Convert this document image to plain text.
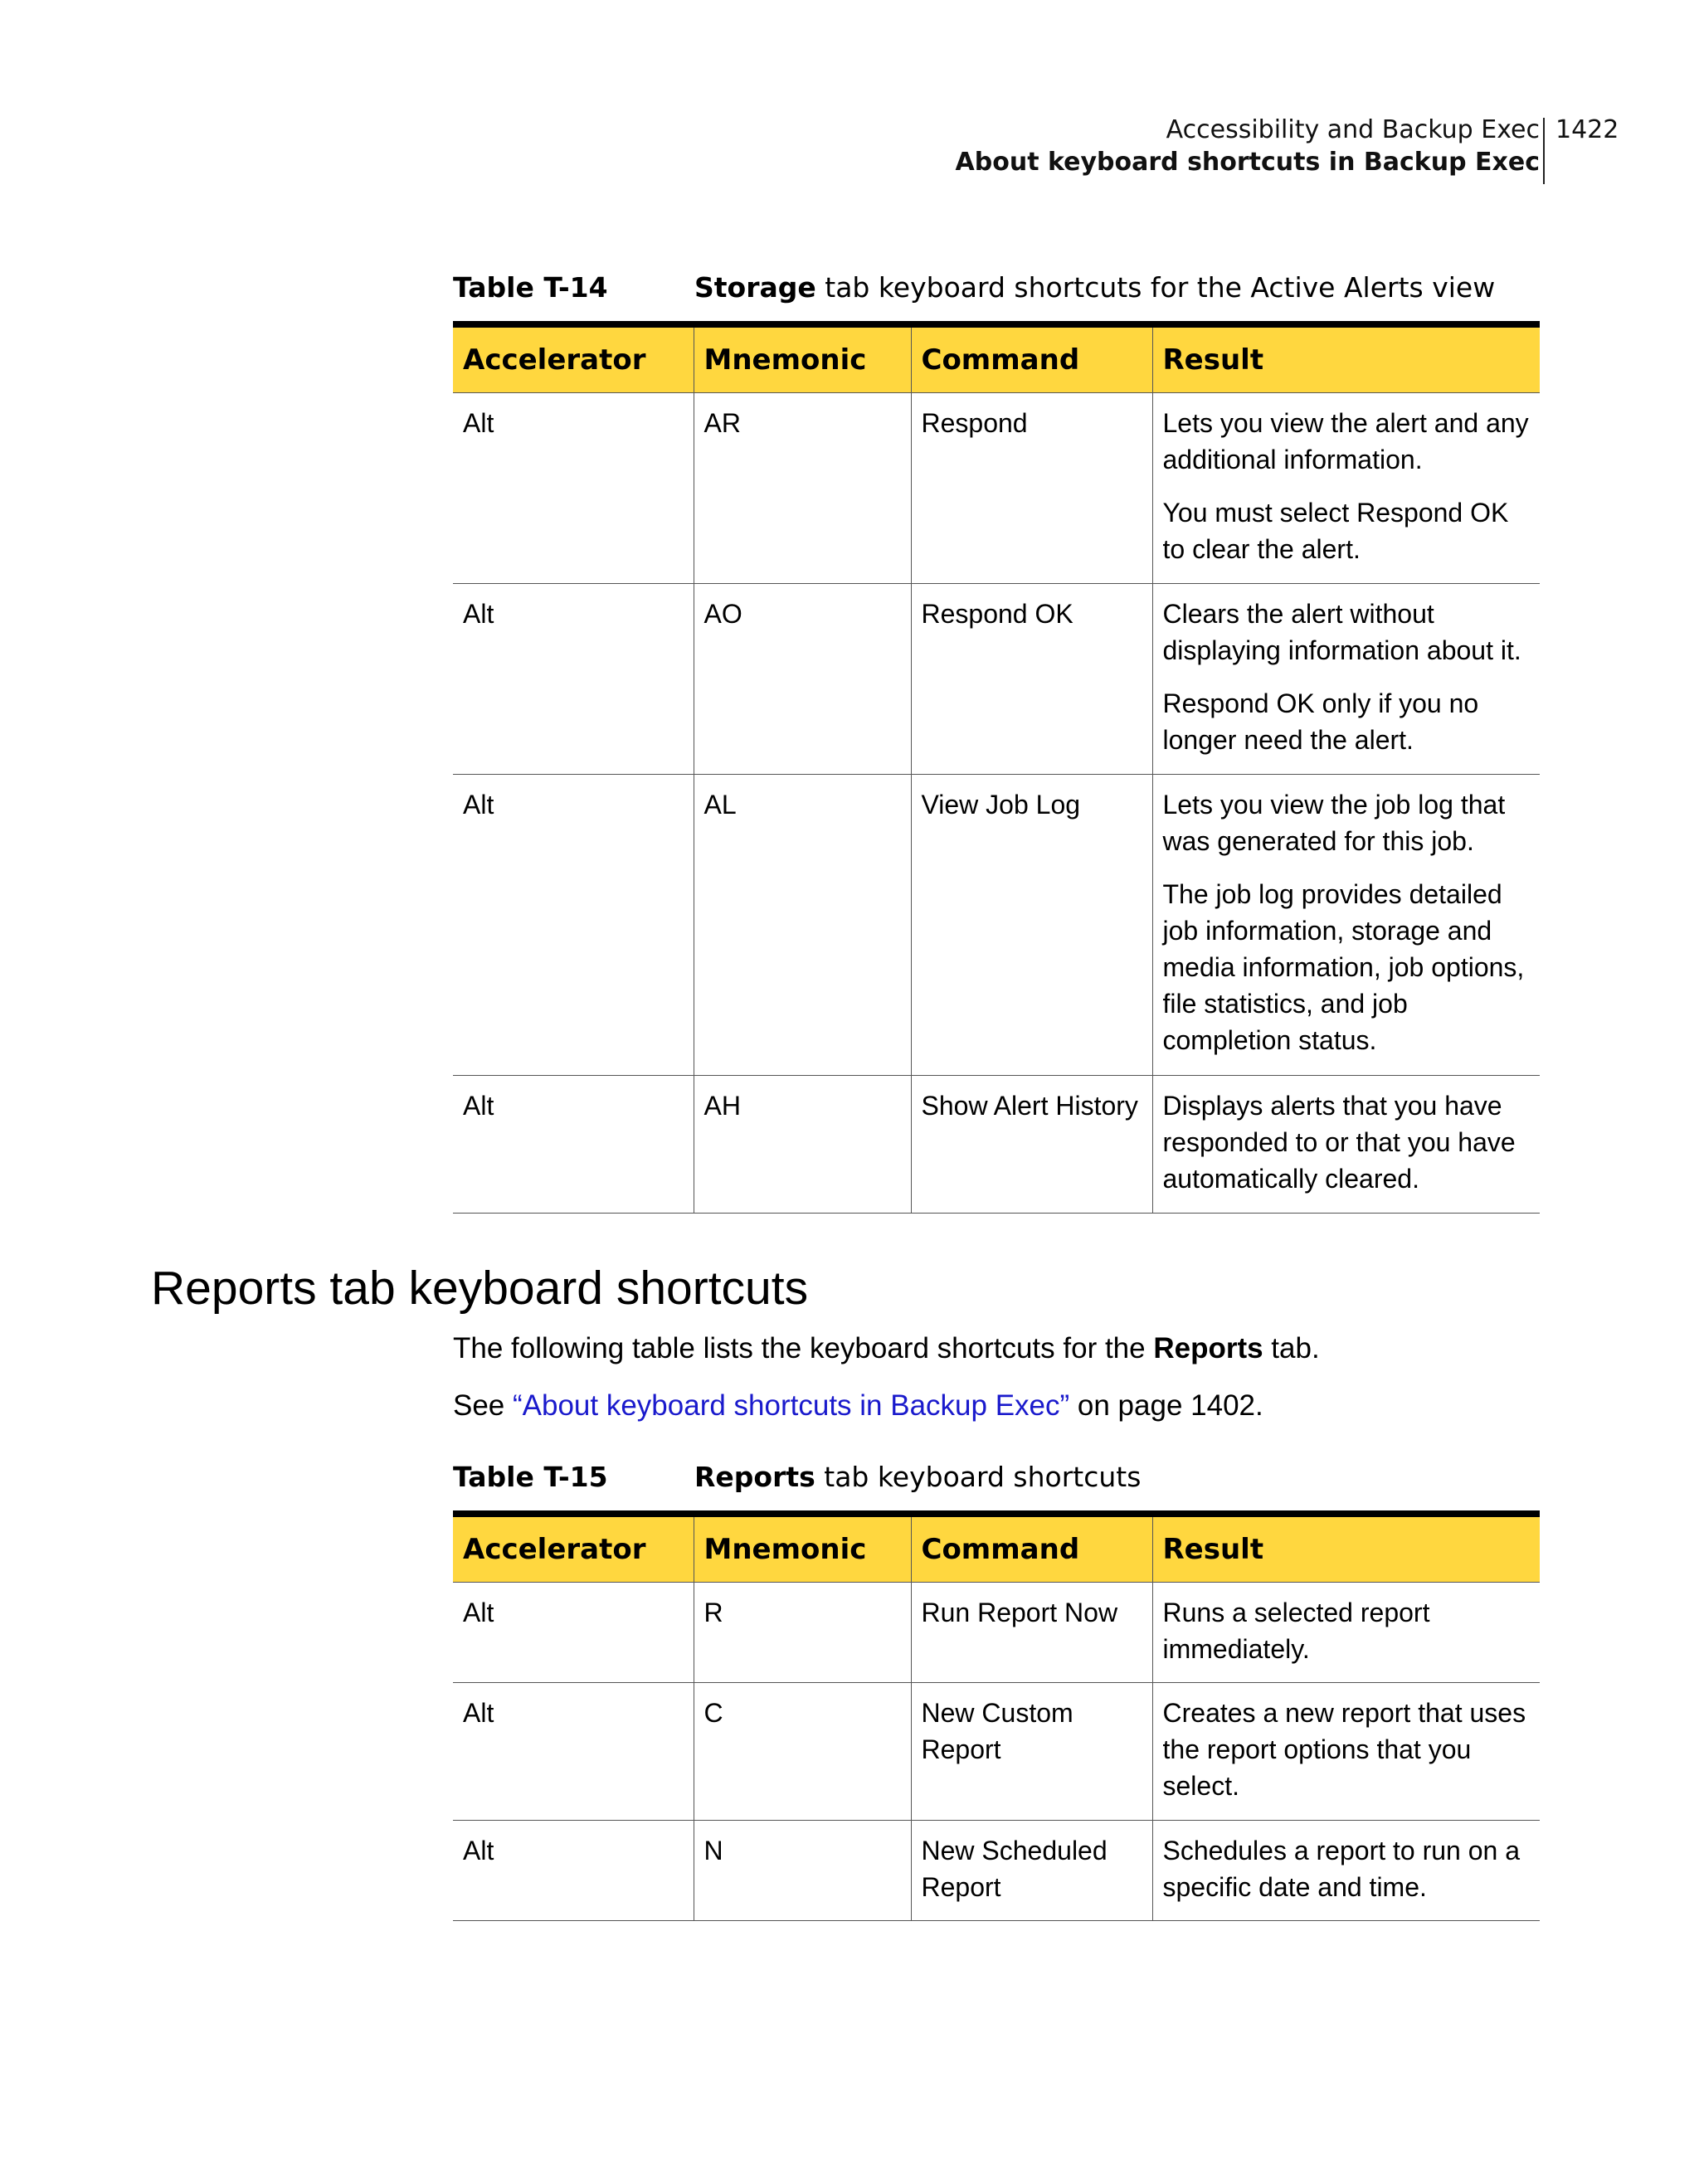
Accessibility and Backup Exec
About keyboard shortcuts in Backup Exec
1422
Table T-14	Storage tab keyboard shortcuts for the Active Alerts view
Accelerator	Mnemonic	Command	Result
Alt	AR	Respond	Lets you view the alert and any additional information.

You must select Respond OK to clear the alert.

Alt	AO	Respond OK	Clears the alert without displaying information about it.

Respond OK only if you no longer need the alert.

Alt	AL	View Job Log	Lets you view the job log that was generated for this job.

The job log provides detailed job information, storage and media information, job options, file statistics, and job completion status.

Alt	AH	Show Alert History	Displays alerts that you have responded to or that you have automatically cleared.

Reports tab keyboard shortcuts

The following table lists the keyboard shortcuts for the Reports tab.

See “About keyboard shortcuts in Backup Exec” on page 1402.

Table T-15	Reports tab keyboard shortcuts
Accelerator	Mnemonic	Command	Result
Alt	R	Run Report Now	Runs a selected report immediately.

Alt	C	New Custom Report	Creates a new report that uses the report options that you select.

Alt	N	New Scheduled Report	Schedules a report to run on a specific date and time.
